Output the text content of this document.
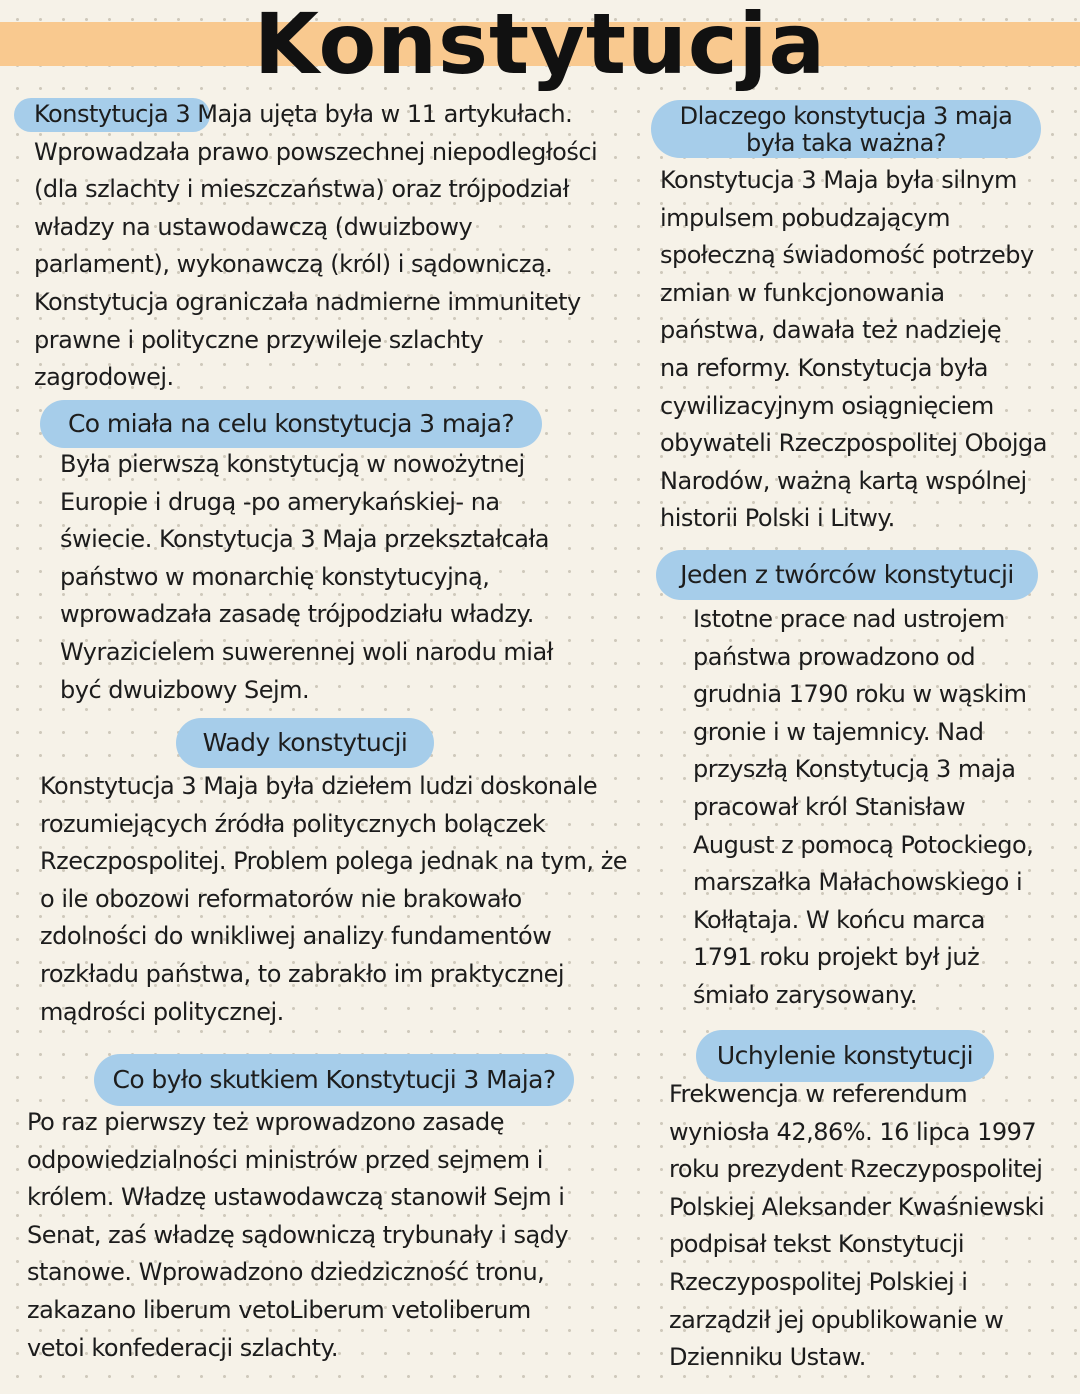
Konstytucja

Konstytucja 3 Maja ujęta była w 11 artykułach.
Wprowadzała prawo powszechnej niepodległości
(dla szlachty i mieszczaństwa) oraz trójpodział
władzy na ustawodawczą (dwuizbowy
parlament), wykonawczą (król) i sądowniczą.
Konstytucja ograniczała nadmierne immunitety
prawne i polityczne przywileje szlachty
zagrodowej.

Co miała na celu konstytucja 3 maja?

Była pierwszą konstytucją w nowożytnej
Europie i drugą -po amerykańskiej- na
świecie. Konstytucja 3 Maja przekształcała
państwo w monarchię konstytucyjną,
wprowadzała zasadę trójpodziału władzy.
Wyrazicielem suwerennej woli narodu miał
być dwuizbowy Sejm.

Wady konstytucji

Konstytucja 3 Maja była dziełem ludzi doskonale
rozumiejących źródła politycznych bolączek
Rzeczpospolitej. Problem polega jednak na tym, że
o ile obozowi reformatorów nie brakowało
zdolności do wnikliwej analizy fundamentów
rozkładu państwa, to zabrakło im praktycznej
mądrości politycznej.

Co było skutkiem Konstytucji 3 Maja?

Po raz pierwszy też wprowadzono zasadę
odpowiedzialności ministrów przed sejmem i
królem. Władzę ustawodawczą stanowił Sejm i
Senat, zaś władzę sądowniczą trybunały i sądy
stanowe. Wprowadzono dziedziczność tronu,
zakazano liberum vetoLiberum vetoliberum
vetoi konfederacji szlachty.

Dlaczego konstytucja 3 maja
była taka ważna?

Konstytucja 3 Maja była silnym
impulsem pobudzającym
społeczną świadomość potrzeby
zmian w funkcjonowania
państwa, dawała też nadzieję
na reformy. Konstytucja była
cywilizacyjnym osiągnięciem
obywateli Rzeczpospolitej Obojga
Narodów, ważną kartą wspólnej
historii Polski i Litwy.

Jeden z twórców konstytucji

Istotne prace nad ustrojem
państwa prowadzono od
grudnia 1790 roku w wąskim
gronie i w tajemnicy. Nad
przyszłą Konstytucją 3 maja
pracował król Stanisław
August z pomocą Potockiego,
marszałka Małachowskiego i
Kołłątaja. W końcu marca
1791 roku projekt był już
śmiało zarysowany.

Uchylenie konstytucji

Frekwencja w referendum
wyniosła 42,86%. 16 lipca 1997
roku prezydent Rzeczypospolitej
Polskiej Aleksander Kwaśniewski
podpisał tekst Konstytucji
Rzeczypospolitej Polskiej i
zarządził jej opublikowanie w
Dzienniku Ustaw.
